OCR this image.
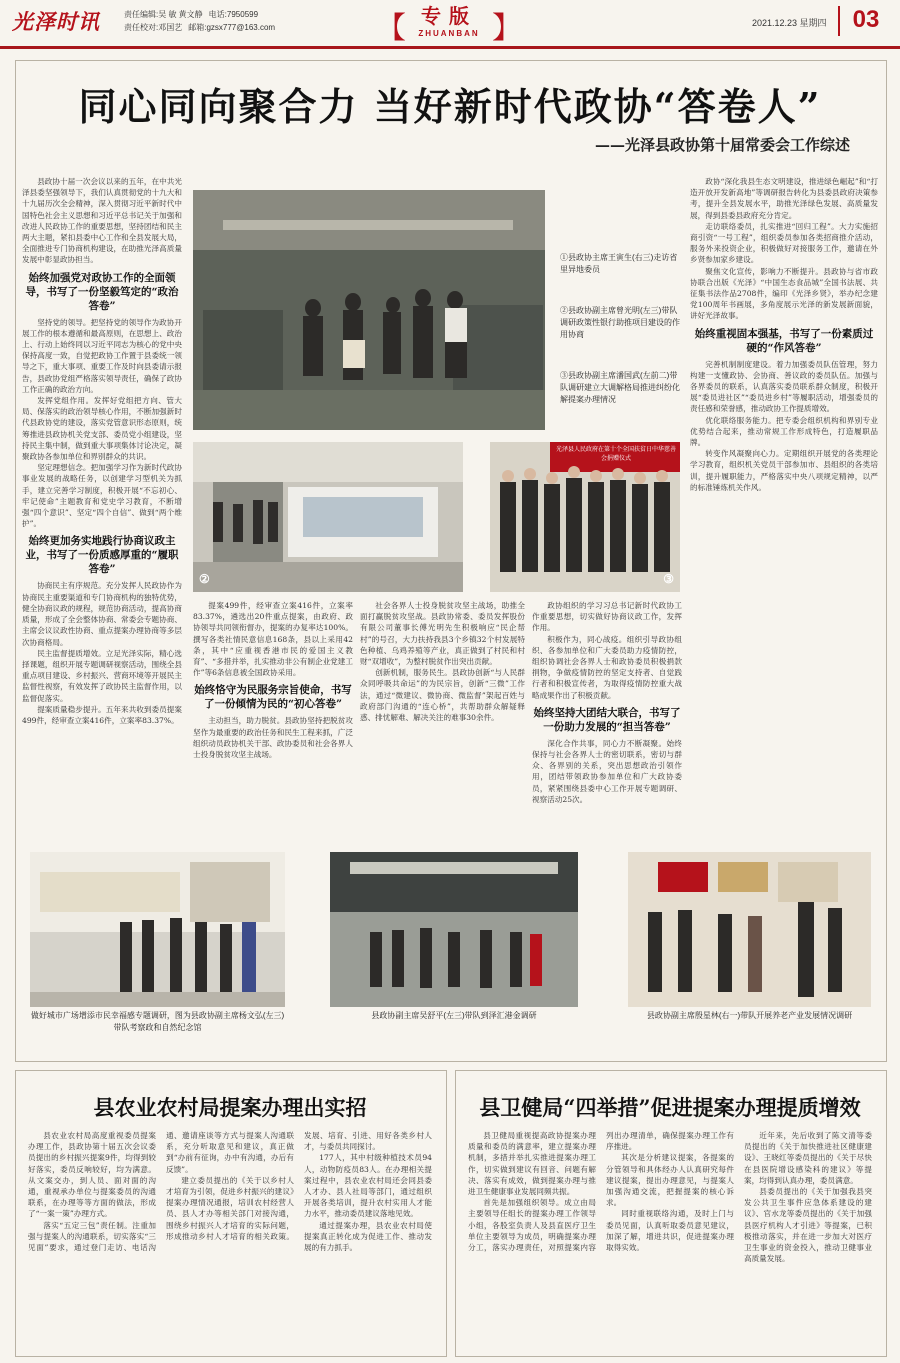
光泽时讯	责任编辑:吴 敏 黄文静 电话:7950599
责任校对:邓国艺 邮箱:gzsx777@163.com	【 专版
ZHUANBAN 】	2021.12.23 星期四	03
同心同向聚合力 当好新时代政协“答卷人”
——光泽县政协第十届常委会工作综述

县政协十届一次会议以来的五年，在中共光泽县委坚强领导下，我们认真贯彻党的十九大和十九届历次全会精神，深入贯彻习近平新时代中国特色社会主义思想和习近平总书记关于加强和改进人民政协工作的重要思想，坚持团结和民主两大主题，紧扣县委中心工作和全县发展大局，全面推进专门协商机构建设，在助推光泽高质量发展中彰显政协担当。

始终加强党对政协工作的全面领导，书写了一份坚毅笃定的“政治答卷”

坚持党的领导。把坚持党的领导作为政协开展工作的根本遵循和最高原则，在思想上、政治上、行动上始终同以习近平同志为核心的党中央保持高度一致，自觉把政协工作置于县委统一领导之下，重大事项、重要工作及时向县委请示报告，县政协党组严格落实领导责任，确保了政协工作正确的政治方向。

发挥党组作用。发挥好党组把方向、管大局、保落实的政治领导核心作用，不断加强新时代县政协党的建设，落实党管意识形态原则，统筹推进县政协机关党支部、委员党小组建设，坚持民主集中制，做到重大事项集体讨论决定，凝聚政协各参加单位和界别群众的共识。

坚定理想信念。把加强学习作为新时代政协事业发展的战略任务，以创建学习型机关为抓手，建立完善学习制度，积极开展“不忘初心、牢记使命”主题教育和党史学习教育，不断增强“四个意识”、坚定“四个自信”、做到“两个维护”。

始终更加务实地践行协商议政主业，书写了一份质感厚重的“履职答卷”

协商民主有序规范。充分发挥人民政协作为协商民主重要渠道和专门协商机构的独特优势，健全协商议政的规程，规范协商活动，提高协商质量，形成了全会整体协商、常委会专题协商、主席会议议政性协商、重点提案办理协商等多层次协商格局。

民主监督提质增效。立足光泽实际，精心选择课题，组织开展专题调研视察活动，围绕全县重点项目建设、乡村振兴、营商环境等开展民主监督性视察，有效发挥了政协民主监督作用，以监督促落实。

提案质量稳步提升。五年来共收到委员提案499件，经审查立案416件，立案率83.37%。

①县政协主席王寅生(右三)走访省里异地委员
②县政协副主席曾光明(左三)带队调研政策性银行助推项目建设的作用协商
③县政协副主席潘国武(左前二)带队调研建立大调解格局推进纠纷化解提案办理情况
②
光泽县人民政府在第十个全国扶贫日中华慈善会捐赠仪式
③

政协“深化我县生态文明建设，推进绿色崛起”和“打造开放开发新高地”等调研报告转化为县委县政府决策参考，提升全县发展水平，助推光泽绿色发展、高质量发展，得到县委县政府充分肯定。

走访联络委员，扎实推进“回归工程”。大力实施招商引资“一号工程”，组织委员参加各类招商推介活动，服务外来投资企业，积极做好对接服务工作，邀请在外乡贤参加家乡建设。

聚焦文化宣传，影响力不断提升。县政协与省市政协联合出版《光泽》“中国生态食品城”全国书法展、共征集书法作品2708件，编印《光泽乡贤》，举办纪念建党100周年书画展，多角度展示光泽的新发展新面貌，讲好光泽故事。

始终重视固本强基，书写了一份素质过硬的“作风答卷”

完善机制制度建设。着力加强委员队伍管理，努力构建一支懂政协、会协商、善议政的委员队伍。加强与各界委员的联系，认真落实委员联系群众制度，积极开展“委员进社区”“委员进乡村”等履职活动，增强委员的责任感和荣誉感，推动政协工作提质增效。

优化联络服务能力。把专委会组织机构和界别专业优势结合起来，推动常规工作形成特色，打造履职品牌。

转变作风凝聚向心力。定期组织开展党的各类理论学习教育，组织机关党员干部参加市、县组织的各类培训，提升履职能力，严格落实中央八项规定精神，以严的标准锤炼机关作风。

提案499件，经审查立案416件，立案率83.37%，遴选出20件重点提案，由政府、政协领导共同领衔督办，提案的办复率达100%。撰写各类社情民意信息168条，县以上采用42条，其中“应重视香港市民的爱国主义教育”、“多措并举，扎实推动非公有制企业党建工作”等6条信息被全国政协采用。

始终恪守为民服务宗旨使命，书写了一份倾情为民的“初心答卷”

主动担当，助力脱贫。县政协坚持把脱贫攻坚作为最重要的政治任务和民生工程来抓，广泛组织动员政协机关干部、政协委员和社会各界人士投身脱贫攻坚主战场。

社会各界人士投身脱贫攻坚主战场，助推全面打赢脱贫攻坚战。县政协常委、委员发挥股份有限公司董事长傅光明先生积极响应“民企帮村”的号召，大力扶持我县3个乡镇32个村发展特色种植、乌鸡养殖等产业，真正做到了村民和村财“双增收”，为整村脱贫作出突出贡献。

创新机制，服务民生。县政协创新“与人民群众同呼吸共命运”的为民宗旨，创新“三微”工作法，通过“微建议、微协商、微监督”架起百姓与政府部门沟通的“连心桥”，共帮助群众解疑释惑、排忧解难、解决关注的难事30余件。

政协组织的学习习总书记新时代政协工作重要思想，切实做好协商议政工作，发挥作用。

积极作为，同心战疫。组织引导政协组织、各参加单位和广大委员助力疫情防控，组织协调社会各界人士和政协委员积极捐款捐物，争做疫情防控的坚定支持者、自觉践行者和积极宣传者，为取得疫情防控重大战略成果作出了积极贡献。

始终坚持大团结大联合，书写了一份助力发展的“担当答卷”

深化合作共事，同心力不断凝聚。始终保持与社会各界人士的密切联系，密切与群众、各界别的关系，突出思想政治引领作用，团结带领政协参加单位和广大政协委员，紧紧围绕县委中心工作开展专题调研、视察活动25次。

做好城市广场增添市民幸福感专题调研，图为县政协副主席杨文弘(左三)带队考察政和自然纪念馆
县政协副主席吴舒平(左三)带队到泽汇港金调研	县政协副主席殷星林(右一)带队开展养老产业发展情况调研
县农业农村局提案办理出实招

县农业农村局高度重视委员提案办理工作，县政协第十届五次会议委员提出的乡村振兴提案9件，均得到较好落实，委员反响较好，均为满意。从文案交办，到人员、面对面的沟通，重视承办单位与提案委员的沟通联系，在办理等等方面的做法，形成了“一案一策”办理方式。

落实“五定三包”责任制。注重加强与提案人的沟通联系，切实落实“三见面”要求，通过登门走访、电话沟通、邀请座谈等方式与提案人沟通联系，充分听取意见和建议，真正做到“办前有征询，办中有沟通，办后有反馈”。

建立委员提出的《关于以乡村人才培育为引领，促进乡村振兴的建议》提案办理情况通报，培训农村经营人员、县人才办等相关部门对接沟通，围绕乡村振兴人才培育的实际问题，形成推动乡村人才培育的相关政策。发展、培育、引进、用好各类乡村人才，与委员共同探讨。

177人，其中村级种植技术员94人，动物防疫员83人。在办理相关提案过程中，县农业农村局还会同县委人才办、县人社局等部门，通过组织开展各类培训，提升农村实用人才能力水平，推动委员建议落地见效。

通过提案办理，县农业农村局使提案真正转化成为促进工作、推动发展的有力抓手。

县卫健局“四举措”促进提案办理提质增效

县卫健局重视提高政协提案办理质量和委员的满意率，建立提案办理机制，多措并举扎实推进提案办理工作，切实做到建议有回音、问题有解决、落实有成效，做到提案办理与推进卫生健康事业发展同频共振。

首先是加强组织领导。成立由局主要领导任组长的提案办理工作领导小组，各股室负责人及县直医疗卫生单位主要领导为成员，明确提案办理分工，落实办理责任，对照提案内容列出办理清单，确保提案办理工作有序推进。

其次是分析建议提案，各提案的分管领导和具体经办人认真研究每件建议提案，提出办理意见，与提案人加强沟通交流，把握提案的核心诉求。

同时重视联络沟通，及时上门与委员见面，认真听取委员意见建议，加深了解，增进共识，促进提案办理取得实效。

近年来，先后收到了陈文清等委员提出的《关于加快推进社区健康建设》、王晓红等委员提出的《关于尽快在县医院增设感染科的建议》等提案，均得到认真办理，委员满意。

县委员提出的《关于加强我县突发公共卫生事件应急体系建设的建议》、官水龙等委员提出的《关于加强县医疗机构人才引进》等提案，已积极推动落实，并在进一步加大对医疗卫生事业的资金投入，推动卫健事业高质量发展。
